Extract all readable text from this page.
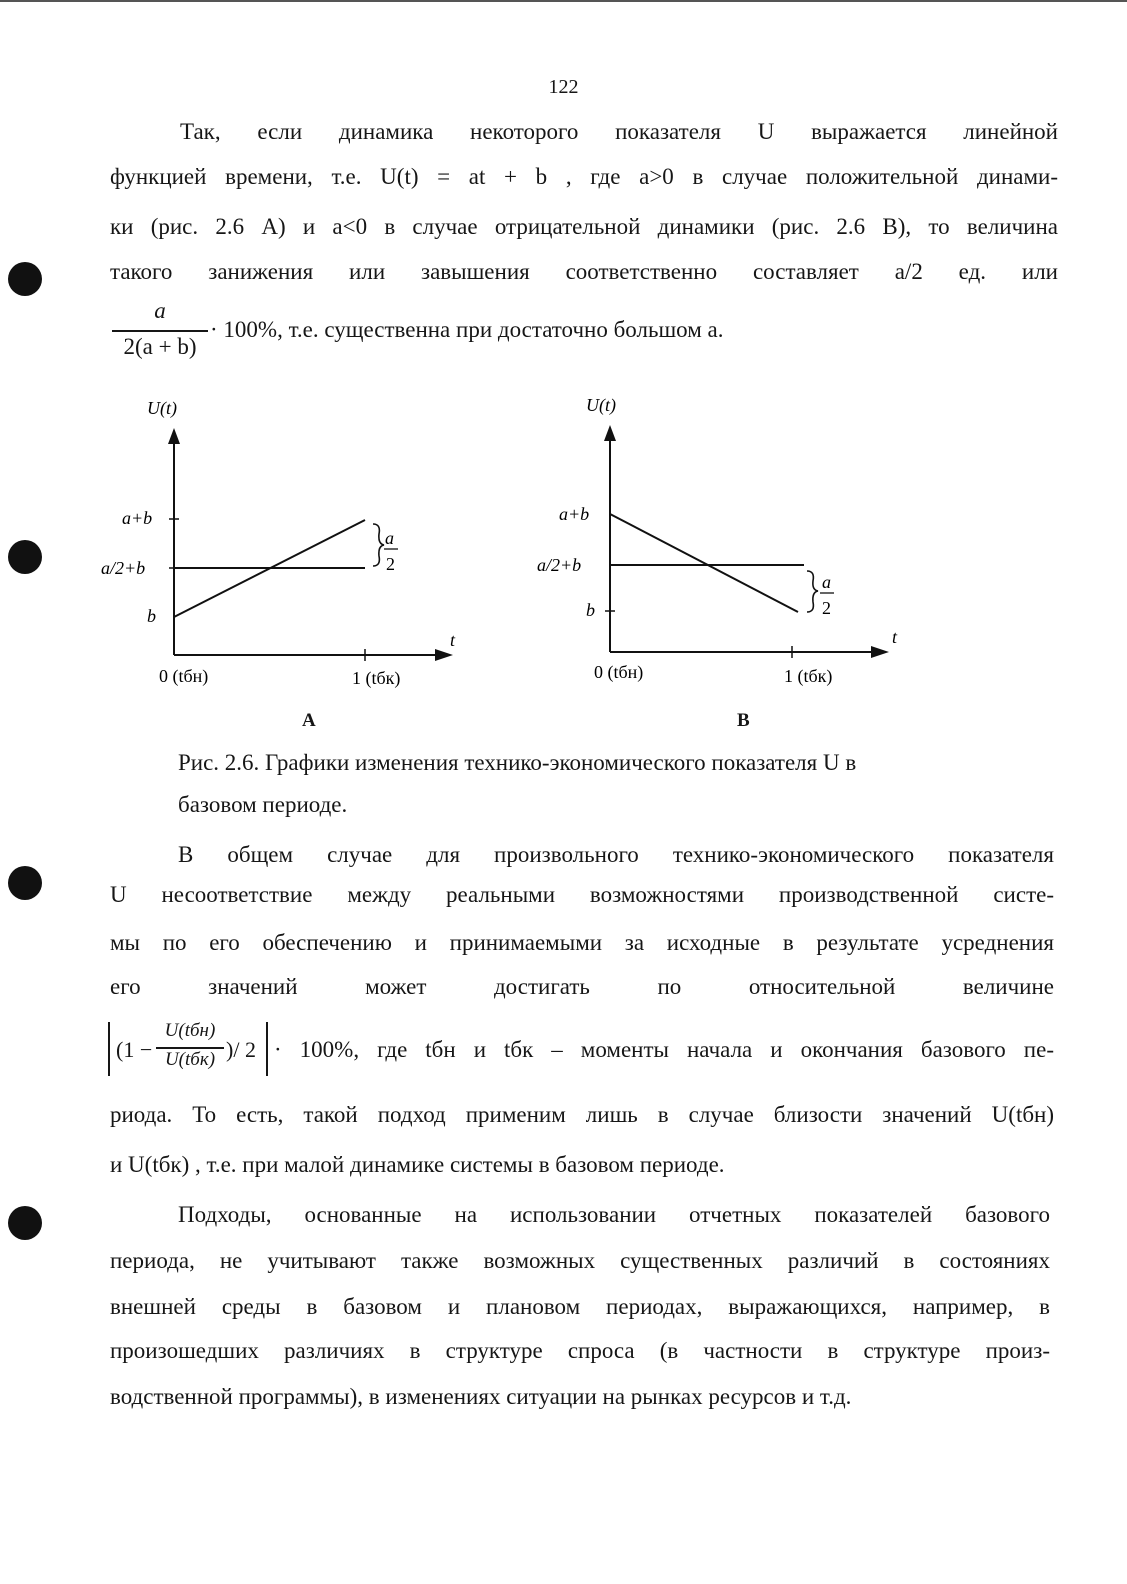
122
Так, если динамика некоторого показателя U выражается линейной
функцией времени, т.е. U(t) = at + b , где a>0 в случае положительной динами-
ки (рис. 2.6 А) и a<0 в случае отрицательной динамики (рис. 2.6 В), то величина
такого занижения или завышения соответственно составляет a/2 ед. или
a
2(a + b)
· 100%, т.е. существенна при достаточно большом a.
U(t)
t
a+b
a/2+b
b
a
2
0 (tбн)	1 (tбк)
U(t)
t
a+b
a/2+b
b
a
2
0 (tбн)	1 (tбк)
А	В
Рис. 2.6. Графики изменения технико-экономического показателя U в
базовом периоде.
В общем случае для произвольного технико-экономического показателя
U несоответствие между реальными возможностями производственной систе-
мы по его обеспечению и принимаемыми за исходные в результате усреднения
его значений может достигать по относительной величине
(1 −
U(tбн)
U(tбк) )/ 2 · 100%, где tбн и tбк – моменты начала и окончания базового пе-
риода. То есть, такой подход применим лишь в случае близости значений U(tбн)
и U(tбк) , т.е. при малой динамике системы в базовом периоде.
Подходы, основанные на использовании отчетных показателей базового
периода, не учитывают также возможных существенных различий в состояниях
внешней среды в базовом и плановом периодах, выражающихся, например, в
произошедших различиях в структуре спроса (в частности в структуре произ-
водственной программы), в изменениях ситуации на рынках ресурсов и т.д.
